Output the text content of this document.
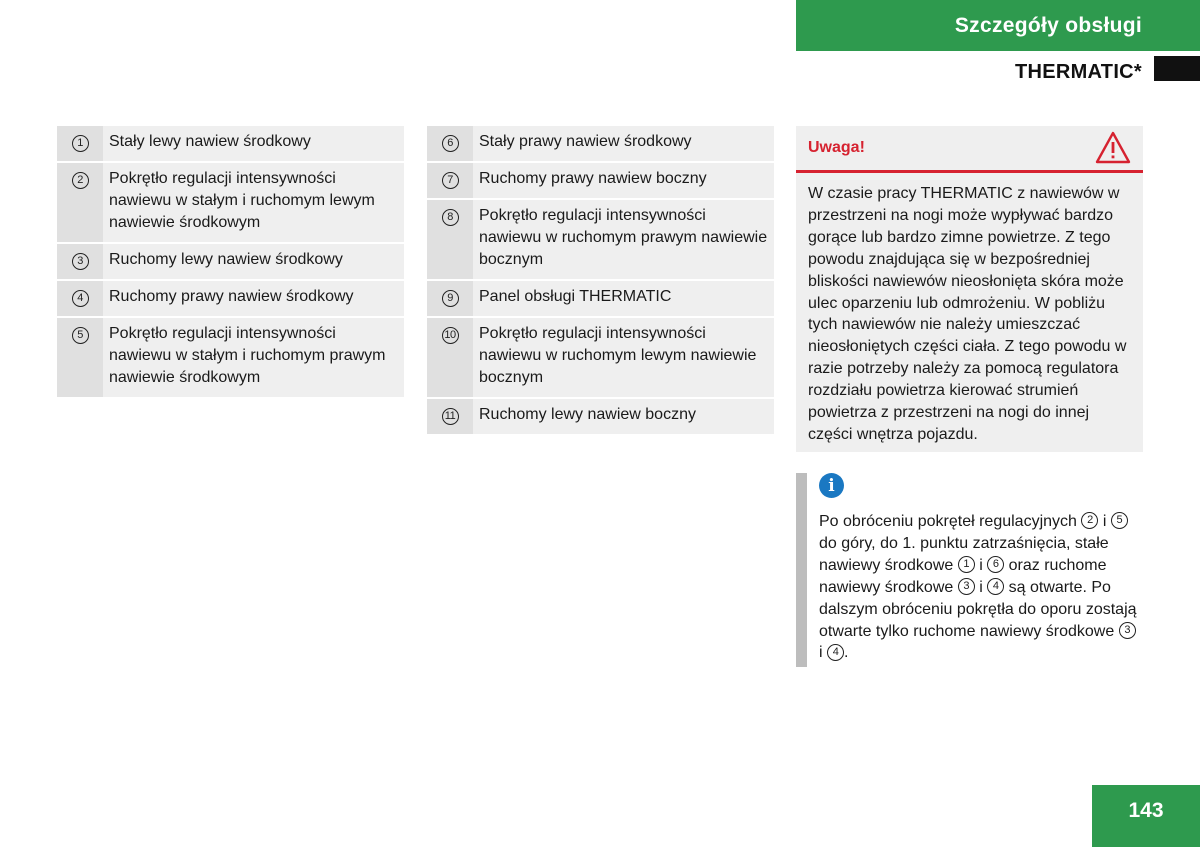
Szczegóły obsługi
THERMATIC*
1	Stały lewy nawiew środkowy
2	Pokrętło regulacji intensywności nawiewu w stałym i ruchomym lewym nawiewie środkowym
3	Ruchomy lewy nawiew środkowy
4	Ruchomy prawy nawiew środkowy
5	Pokrętło regulacji intensywności nawiewu w stałym i ruchomym prawym nawiewie środkowym
6	Stały prawy nawiew środkowy
7	Ruchomy prawy nawiew boczny
8	Pokrętło regulacji intensywności nawiewu w ruchomym prawym nawiewie bocznym
9	Panel obsługi THERMATIC
10	Pokrętło regulacji intensywności nawiewu w ruchomym lewym nawiewie bocznym
11	Ruchomy lewy nawiew boczny
Uwaga!
W czasie pracy THERMATIC z nawiewów w przestrzeni na nogi może wypływać bardzo gorące lub bardzo zimne powietrze. Z tego powodu znajdująca się w bezpośredniej bliskości nawiewów nieosłonięta skóra może ulec oparzeniu lub odmrożeniu. W pobliżu tych nawiewów nie należy umieszczać nieosłoniętych części ciała. Z tego powodu w razie potrzeby należy za pomocą regulatora rozdziału powietrza kierować strumień powietrza z przestrzeni na nogi do innej części wnętrza pojazdu.
i
Po obróceniu pokręteł regulacyjnych 2 i 5 do góry, do 1. punktu zatrzaśnięcia, stałe nawiewy środkowe 1 i 6 oraz ruchome nawiewy środkowe 3 i 4 są otwarte. Po dalszym obróceniu pokrętła do oporu zostają otwarte tylko ruchome nawiewy środkowe 3 i 4 .
143
